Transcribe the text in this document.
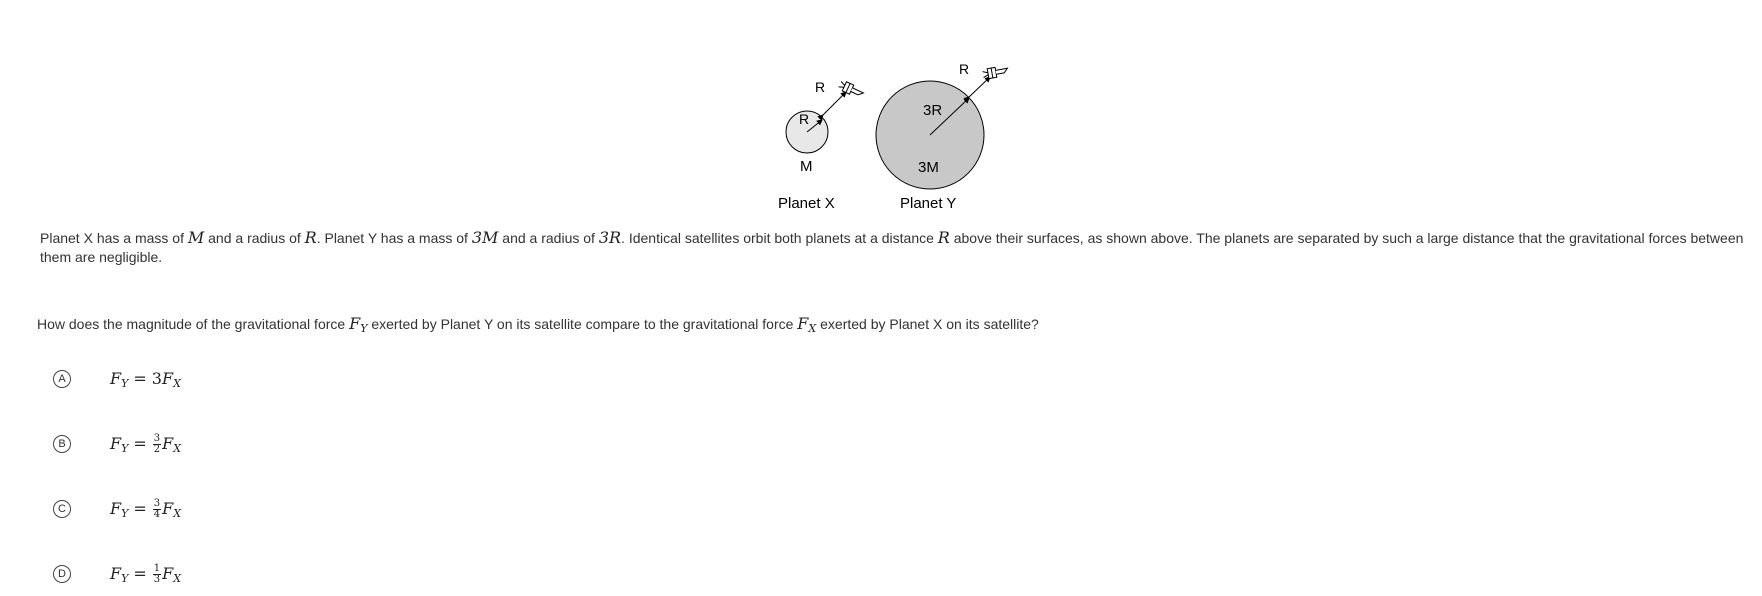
R
R
M
Planet X
3R
R
3M
Planet Y
Planet X has a mass of M and a radius of R. Planet Y has a mass of 3M and a radius of 3R. Identical satellites orbit both planets at a distance R above their surfaces, as shown above. The planets are separated by such a large distance that the gravitational forces between them are negligible.
How does the magnitude of the gravitational force $F_Y$ exerted by Planet Y on its satellite compare to the gravitational force $F_X$ exerted by Planet X on its satellite?
A	$F_Y = 3F_X$
B	$F_Y = \frac{3}{2} F_X$
C	$F_Y = \frac{3}{4} F_X$
D	$F_Y = \frac{1}{3} F_X$
